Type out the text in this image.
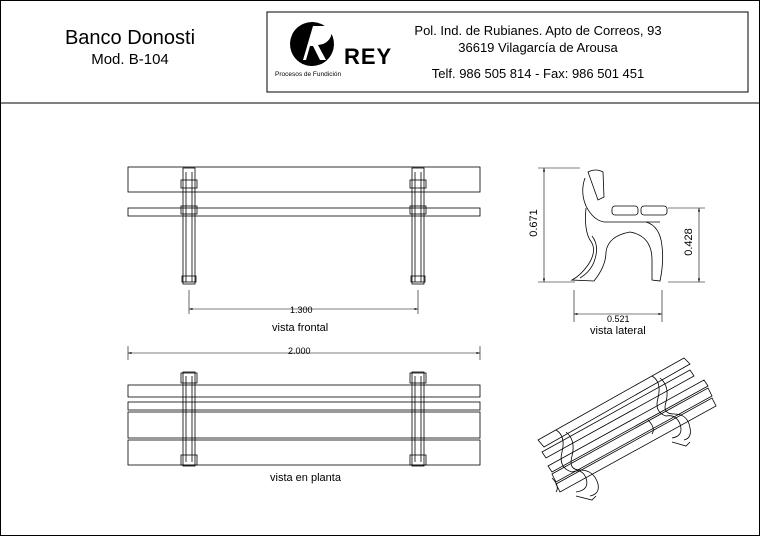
Banco Donosti
Mod. B-104
Procesos de Fundición
REY
Pol. Ind. de Rubianes. Apto de Correos, 93
36619 Vilagarcía de Arousa
Telf. 986 505 814 - Fax: 986 501 451
1.300
vista frontal
2.000
vista en planta
0.671
0.428
0.521
vista lateral
